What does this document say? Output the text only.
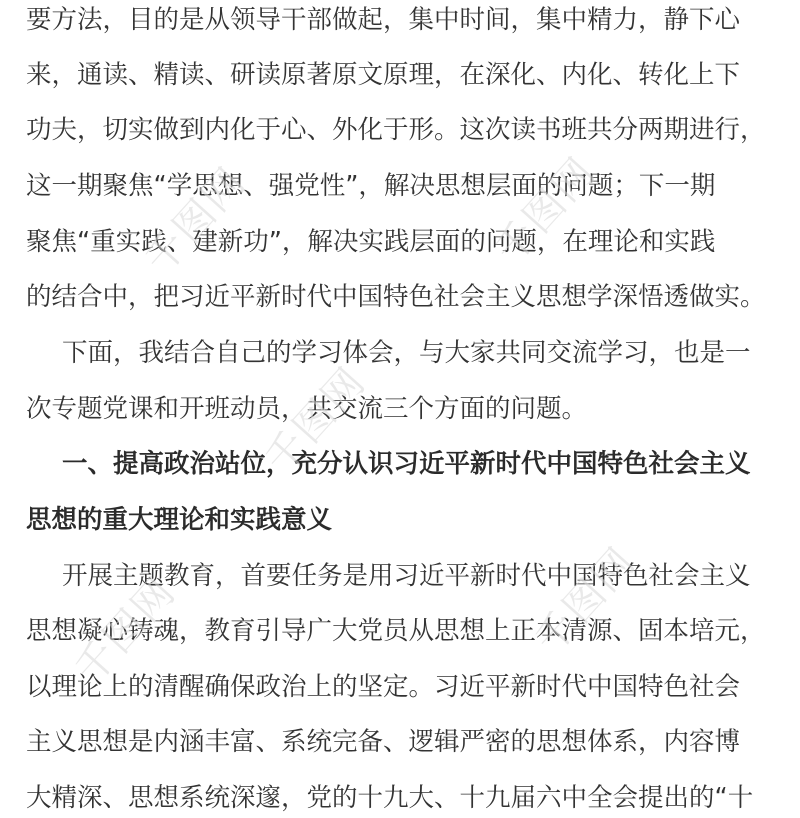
要方法，目的是从领导干部做起，集中时间，集中精力，静下心
来，通读、精读、研读原著原文原理，在深化、内化、转化上下
功夫，切实做到内化于心、外化于形。这次读书班共分两期进行，
这一期聚焦“学思想、强党性”，解决思想层面的问题；下一期
聚焦“重实践、建新功”，解决实践层面的问题，在理论和实践
的结合中，把习近平新时代中国特色社会主义思想学深悟透做实。
下面，我结合自己的学习体会，与大家共同交流学习，也是一
次专题党课和开班动员，共交流三个方面的问题。
一、提高政治站位，充分认识习近平新时代中国特色社会主义
思想的重大理论和实践意义
开展主题教育，首要任务是用习近平新时代中国特色社会主义
思想凝心铸魂，教育引导广大党员从思想上正本清源、固本培元，
以理论上的清醒确保政治上的坚定。习近平新时代中国特色社会
主义思想是内涵丰富、系统完备、逻辑严密的思想体系，内容博
大精深、思想系统深邃，党的十九大、十九届六中全会提出的“十
千图网	千图网
千图网
千图网
千图网
